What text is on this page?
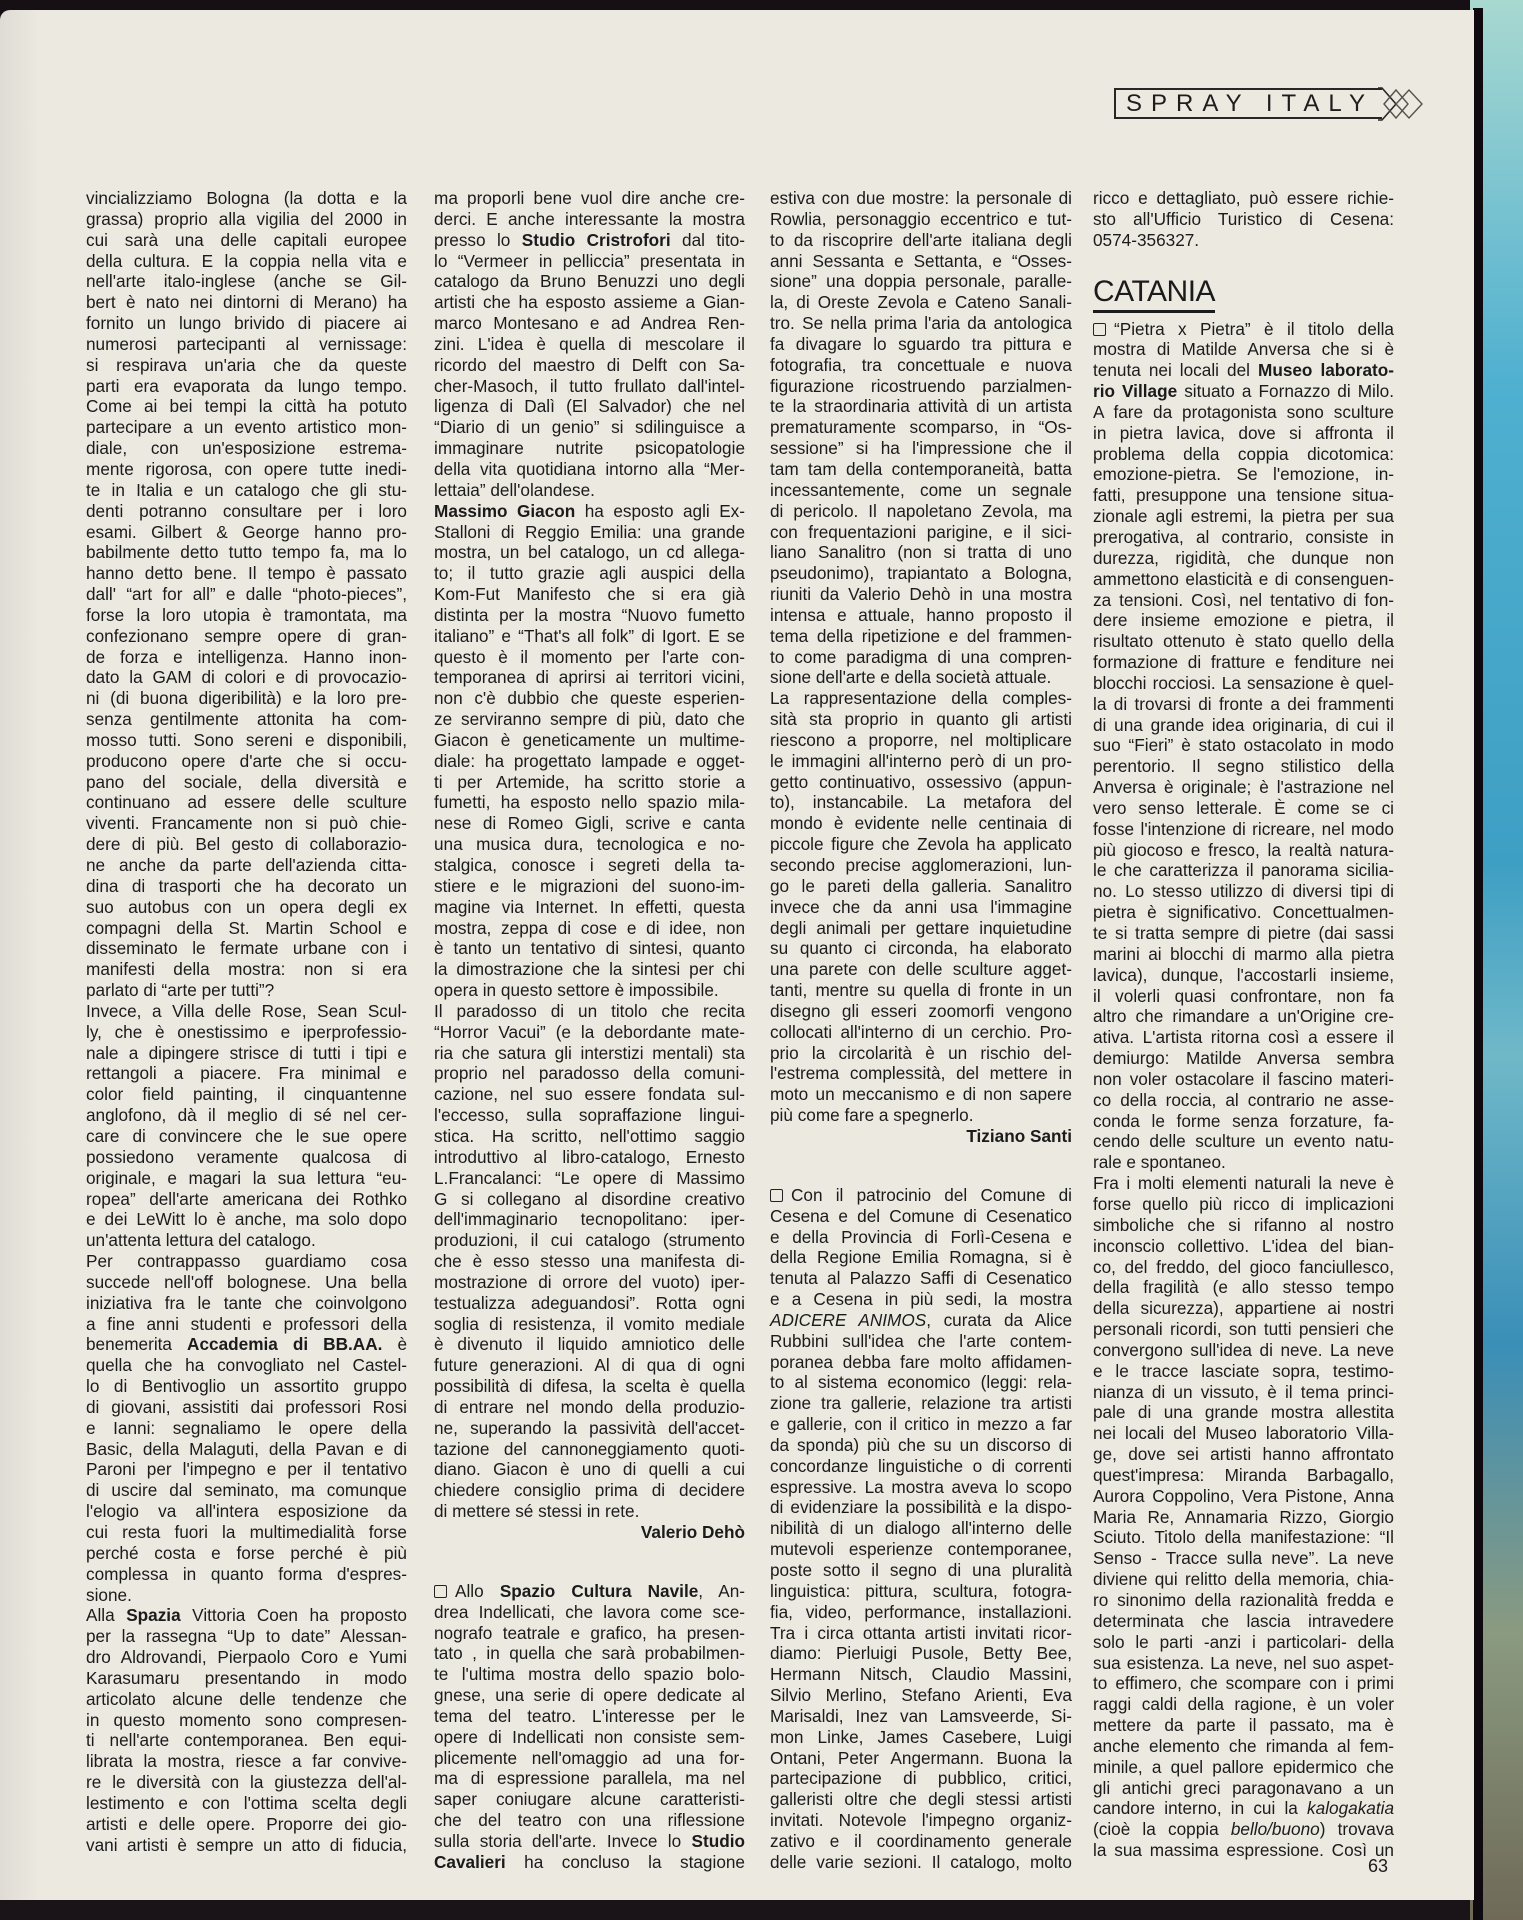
SPRAY ITALY
vincializziamo Bologna (la dotta e la
grassa) proprio alla vigilia del 2000 in
cui sarà una delle capitali europee
della cultura. E la coppia nella vita e
nell'arte italo-inglese (anche se Gil-
bert è nato nei dintorni di Merano) ha
fornito un lungo brivido di piacere ai
numerosi partecipanti al vernissage:
si respirava un'aria che da queste
parti era evaporata da lungo tempo.
Come ai bei tempi la città ha potuto
partecipare a un evento artistico mon-
diale, con un'esposizione estrema-
mente rigorosa, con opere tutte inedi-
te in Italia e un catalogo che gli stu-
denti potranno consultare per i loro
esami. Gilbert & George hanno pro-
babilmente detto tutto tempo fa, ma lo
hanno detto bene. Il tempo è passato
dall' “art for all” e dalle “photo-pieces”,
forse la loro utopia è tramontata, ma
confezionano sempre opere di gran-
de forza e intelligenza. Hanno inon-
dato la GAM di colori e di provocazio-
ni (di buona digeribilità) e la loro pre-
senza gentilmente attonita ha com-
mosso tutti. Sono sereni e disponibili,
producono opere d'arte che si occu-
pano del sociale, della diversità e
continuano ad essere delle sculture
viventi. Francamente non si può chie-
dere di più. Bel gesto di collaborazio-
ne anche da parte dell'azienda citta-
dina di trasporti che ha decorato un
suo autobus con un opera degli ex
compagni della St. Martin School e
disseminato le fermate urbane con i
manifesti della mostra: non si era
parlato di “arte per tutti”?
Invece, a Villa delle Rose, Sean Scul-
ly, che è onestissimo e iperprofessio-
nale a dipingere strisce di tutti i tipi e
rettangoli a piacere. Fra minimal e
color field painting, il cinquantenne
anglofono, dà il meglio di sé nel cer-
care di convincere che le sue opere
possiedono veramente qualcosa di
originale, e magari la sua lettura “eu-
ropea” dell'arte americana dei Rothko
e dei LeWitt lo è anche, ma solo dopo
un'attenta lettura del catalogo.
Per contrappasso guardiamo cosa
succede nell'off bolognese. Una bella
iniziativa fra le tante che coinvolgono
a fine anni studenti e professori della
benemerita Accademia di BB.AA. è
quella che ha convogliato nel Castel-
lo di Bentivoglio un assortito gruppo
di giovani, assistiti dai professori Rosi
e Ianni: segnaliamo le opere della
Basic, della Malaguti, della Pavan e di
Paroni per l'impegno e per il tentativo
di uscire dal seminato, ma comunque
l'elogio va all'intera esposizione da
cui resta fuori la multimedialità forse
perché costa e forse perché è più
complessa in quanto forma d'espres-
sione.
Alla Spazia Vittoria Coen ha proposto
per la rassegna “Up to date” Alessan-
dro Aldrovandi, Pierpaolo Coro e Yumi
Karasumaru presentando in modo
articolato alcune delle tendenze che
in questo momento sono compresen-
ti nell'arte contemporanea. Ben equi-
librata la mostra, riesce a far convive-
re le diversità con la giustezza dell'al-
lestimento e con l'ottima scelta degli
artisti e delle opere. Proporre dei gio-
vani artisti è sempre un atto di fiducia,
ma proporli bene vuol dire anche cre-
derci. E anche interessante la mostra
presso lo Studio Cristrofori dal tito-
lo “Vermeer in pelliccia” presentata in
catalogo da Bruno Benuzzi uno degli
artisti che ha esposto assieme a Gian-
marco Montesano e ad Andrea Ren-
zini. L'idea è quella di mescolare il
ricordo del maestro di Delft con Sa-
cher-Masoch, il tutto frullato dall'intel-
ligenza di Dalì (El Salvador) che nel
“Diario di un genio” si sdilinguisce a
immaginare nutrite psicopatologie
della vita quotidiana intorno alla “Mer-
lettaia” dell'olandese.
Massimo Giacon ha esposto agli Ex-
Stalloni di Reggio Emilia: una grande
mostra, un bel catalogo, un cd allega-
to; il tutto grazie agli auspici della
Kom-Fut Manifesto che si era già
distinta per la mostra “Nuovo fumetto
italiano” e “That's all folk” di Igort. E se
questo è il momento per l'arte con-
temporanea di aprirsi ai territori vicini,
non c'è dubbio che queste esperien-
ze serviranno sempre di più, dato che
Giacon è geneticamente un multime-
diale: ha progettato lampade e ogget-
ti per Artemide, ha scritto storie a
fumetti, ha esposto nello spazio mila-
nese di Romeo Gigli, scrive e canta
una musica dura, tecnologica e no-
stalgica, conosce i segreti della ta-
stiere e le migrazioni del suono-im-
magine via Internet. In effetti, questa
mostra, zeppa di cose e di idee, non
è tanto un tentativo di sintesi, quanto
la dimostrazione che la sintesi per chi
opera in questo settore è impossibile.
Il paradosso di un titolo che recita
“Horror Vacui” (e la debordante mate-
ria che satura gli interstizi mentali) sta
proprio nel paradosso della comuni-
cazione, nel suo essere fondata sul-
l'eccesso, sulla sopraffazione lingui-
stica. Ha scritto, nell'ottimo saggio
introduttivo al libro-catalogo, Ernesto
L.Francalanci: “Le opere di Massimo
G si collegano al disordine creativo
dell'immaginario tecnopolitano: iper-
produzioni, il cui catalogo (strumento
che è esso stesso una manifesta di-
mostrazione di orrore del vuoto) iper-
testualizza adeguandosi”. Rotta ogni
soglia di resistenza, il vomito mediale
è divenuto il liquido amniotico delle
future generazioni. Al di qua di ogni
possibilità di difesa, la scelta è quella
di entrare nel mondo della produzio-
ne, superando la passività dell'accet-
tazione del cannoneggiamento quoti-
diano. Giacon è uno di quelli a cui
chiedere consiglio prima di decidere
di mettere sé stessi in rete.
Valerio Dehò
Allo Spazio Cultura Navile, An-
drea Indellicati, che lavora come sce-
nografo teatrale e grafico, ha presen-
tato , in quella che sarà probabilmen-
te l'ultima mostra dello spazio bolo-
gnese, una serie di opere dedicate al
tema del teatro. L'interesse per le
opere di Indellicati non consiste sem-
plicemente nell'omaggio ad una for-
ma di espressione parallela, ma nel
saper coniugare alcune caratteristi-
che del teatro con una riflessione
sulla storia dell'arte. Invece lo Studio
Cavalieri ha concluso la stagione
estiva con due mostre: la personale di
Rowlia, personaggio eccentrico e tut-
to da riscoprire dell'arte italiana degli
anni Sessanta e Settanta, e “Osses-
sione” una doppia personale, paralle-
la, di Oreste Zevola e Cateno Sanali-
tro. Se nella prima l'aria da antologica
fa divagare lo sguardo tra pittura e
fotografia, tra concettuale e nuova
figurazione ricostruendo parzialmen-
te la straordinaria attività di un artista
prematuramente scomparso, in “Os-
sessione” si ha l'impressione che il
tam tam della contemporaneità, batta
incessantemente, come un segnale
di pericolo. Il napoletano Zevola, ma
con frequentazioni parigine, e il sici-
liano Sanalitro (non si tratta di uno
pseudonimo), trapiantato a Bologna,
riuniti da Valerio Dehò in una mostra
intensa e attuale, hanno proposto il
tema della ripetizione e del frammen-
to come paradigma di una compren-
sione dell'arte e della società attuale.
La rappresentazione della comples-
sità sta proprio in quanto gli artisti
riescono a proporre, nel moltiplicare
le immagini all'interno però di un pro-
getto continuativo, ossessivo (appun-
to), instancabile. La metafora del
mondo è evidente nelle centinaia di
piccole figure che Zevola ha applicato
secondo precise agglomerazioni, lun-
go le pareti della galleria. Sanalitro
invece che da anni usa l'immagine
degli animali per gettare inquietudine
su quanto ci circonda, ha elaborato
una parete con delle sculture agget-
tanti, mentre su quella di fronte in un
disegno gli esseri zoomorfi vengono
collocati all'interno di un cerchio. Pro-
prio la circolarità è un rischio del-
l'estrema complessità, del mettere in
moto un meccanismo e di non sapere
più come fare a spegnerlo.
Tiziano Santi
Con il patrocinio del Comune di
Cesena e del Comune di Cesenatico
e della Provincia di Forlì-Cesena e
della Regione Emilia Romagna, si è
tenuta al Palazzo Saffi di Cesenatico
e a Cesena in più sedi, la mostra
ADICERE ANIMOS, curata da Alice
Rubbini sull'idea che l'arte contem-
poranea debba fare molto affidamen-
to al sistema economico (leggi: rela-
zione tra gallerie, relazione tra artisti
e gallerie, con il critico in mezzo a far
da sponda) più che su un discorso di
concordanze linguistiche o di correnti
espressive. La mostra aveva lo scopo
di evidenziare la possibilità e la dispo-
nibilità di un dialogo all'interno delle
mutevoli esperienze contemporanee,
poste sotto il segno di una pluralità
linguistica: pittura, scultura, fotogra-
fia, video, performance, installazioni.
Tra i circa ottanta artisti invitati ricor-
diamo: Pierluigi Pusole, Betty Bee,
Hermann Nitsch, Claudio Massini,
Silvio Merlino, Stefano Arienti, Eva
Marisaldi, Inez van Lamsveerde, Si-
mon Linke, James Casebere, Luigi
Ontani, Peter Angermann. Buona la
partecipazione di pubblico, critici,
galleristi oltre che degli stessi artisti
invitati. Notevole l'impegno organiz-
zativo e il coordinamento generale
delle varie sezioni. Il catalogo, molto
ricco e dettagliato, può essere richie-
sto all'Ufficio Turistico di Cesena:
0574-356327.
CATANIA
“Pietra x Pietra” è il titolo della
mostra di Matilde Anversa che si è
tenuta nei locali del Museo laborato-
rio Village situato a Fornazzo di Milo.
A fare da protagonista sono sculture
in pietra lavica, dove si affronta il
problema della coppia dicotomica:
emozione-pietra. Se l'emozione, in-
fatti, presuppone una tensione situa-
zionale agli estremi, la pietra per sua
prerogativa, al contrario, consiste in
durezza, rigidità, che dunque non
ammettono elasticità e di consenguen-
za tensioni. Così, nel tentativo di fon-
dere insieme emozione e pietra, il
risultato ottenuto è stato quello della
formazione di fratture e fenditure nei
blocchi rocciosi. La sensazione è quel-
la di trovarsi di fronte a dei frammenti
di una grande idea originaria, di cui il
suo “Fieri” è stato ostacolato in modo
perentorio. Il segno stilistico della
Anversa è originale; è l'astrazione nel
vero senso letterale. È come se ci
fosse l'intenzione di ricreare, nel modo
più giocoso e fresco, la realtà natura-
le che caratterizza il panorama sicilia-
no. Lo stesso utilizzo di diversi tipi di
pietra è significativo. Concettualmen-
te si tratta sempre di pietre (dai sassi
marini ai blocchi di marmo alla pietra
lavica), dunque, l'accostarli insieme,
il volerli quasi confrontare, non fa
altro che rimandare a un'Origine cre-
ativa. L'artista ritorna così a essere il
demiurgo: Matilde Anversa sembra
non voler ostacolare il fascino materi-
co della roccia, al contrario ne asse-
conda le forme senza forzature, fa-
cendo delle sculture un evento natu-
rale e spontaneo.
Fra i molti elementi naturali la neve è
forse quello più ricco di implicazioni
simboliche che si rifanno al nostro
inconscio collettivo. L'idea del bian-
co, del freddo, del gioco fanciullesco,
della fragilità (e allo stesso tempo
della sicurezza), appartiene ai nostri
personali ricordi, son tutti pensieri che
convergono sull'idea di neve. La neve
e le tracce lasciate sopra, testimo-
nianza di un vissuto, è il tema princi-
pale di una grande mostra allestita
nei locali del Museo laboratorio Villa-
ge, dove sei artisti hanno affrontato
quest'impresa: Miranda Barbagallo,
Aurora Coppolino, Vera Pistone, Anna
Maria Re, Annamaria Rizzo, Giorgio
Sciuto. Titolo della manifestazione: “Il
Senso - Tracce sulla neve”. La neve
diviene qui relitto della memoria, chia-
ro sinonimo della razionalità fredda e
determinata che lascia intravedere
solo le parti -anzi i particolari- della
sua esistenza. La neve, nel suo aspet-
to effimero, che scompare con i primi
raggi caldi della ragione, è un voler
mettere da parte il passato, ma è
anche elemento che rimanda al fem-
minile, a quel pallore epidermico che
gli antichi greci paragonavano a un
candore interno, in cui la kalogakatia
(cioè la coppia bello/buono) trovava
la sua massima espressione. Così un
63
